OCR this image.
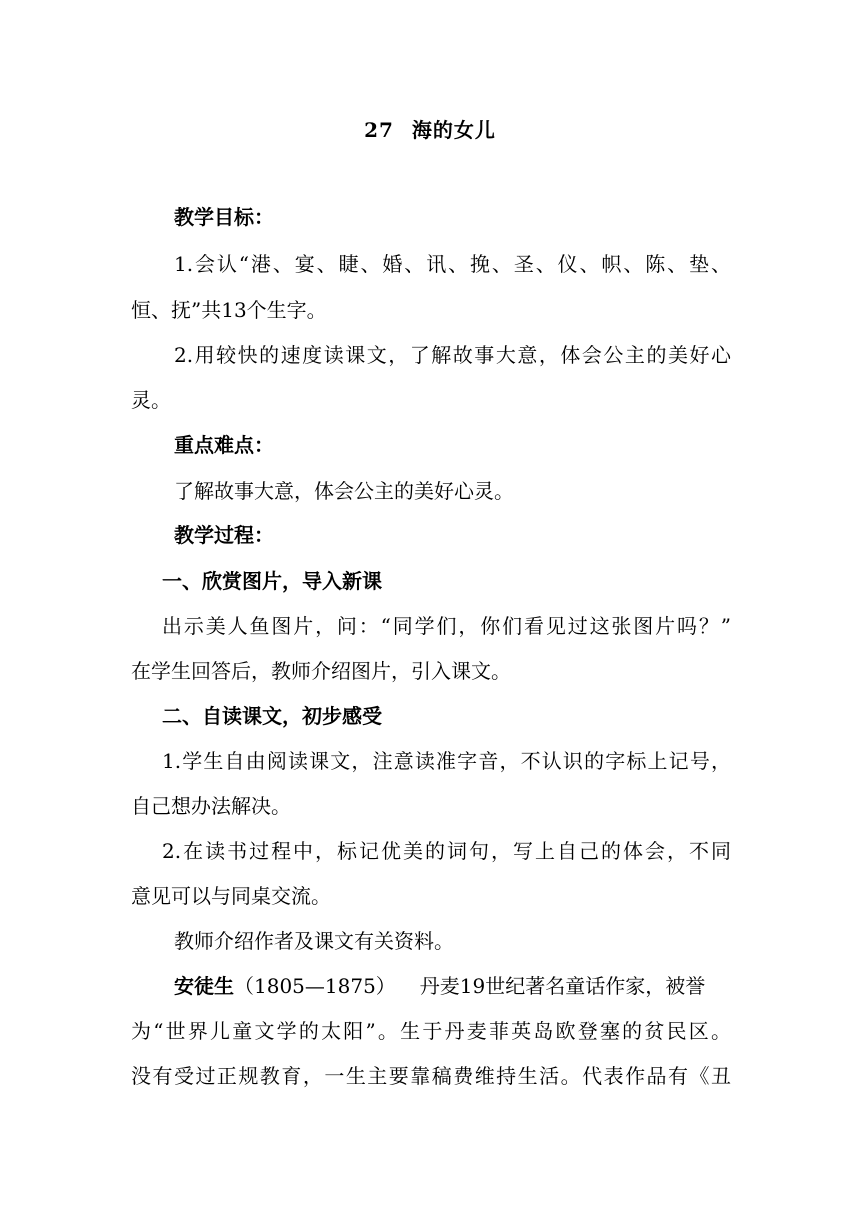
27 海的女儿
教学目标：
1.会认“港、宴、睫、婚、讯、挽、圣、仪、帜、陈、垫、
恒、抚”共13个生字。
2.用较快的速度读课文，了解故事大意，体会公主的美好心
灵。
重点难点：
了解故事大意，体会公主的美好心灵。
教学过程：
一、欣赏图片，导入新课
出示美人鱼图片，问：“同学们，你们看见过这张图片吗？”
在学生回答后，教师介绍图片，引入课文。
二、自读课文，初步感受
1.学生自由阅读课文，注意读准字音，不认识的字标上记号，
自己想办法解决。
2.在读书过程中，标记优美的词句，写上自己的体会，不同
意见可以与同桌交流。
教师介绍作者及课文有关资料。
安徒生（1805—1875） 丹麦19世纪著名童话作家，被誉
为“世界儿童文学的太阳”。生于丹麦菲英岛欧登塞的贫民区。
没有受过正规教育，一生主要靠稿费维持生活。代表作品有《丑
